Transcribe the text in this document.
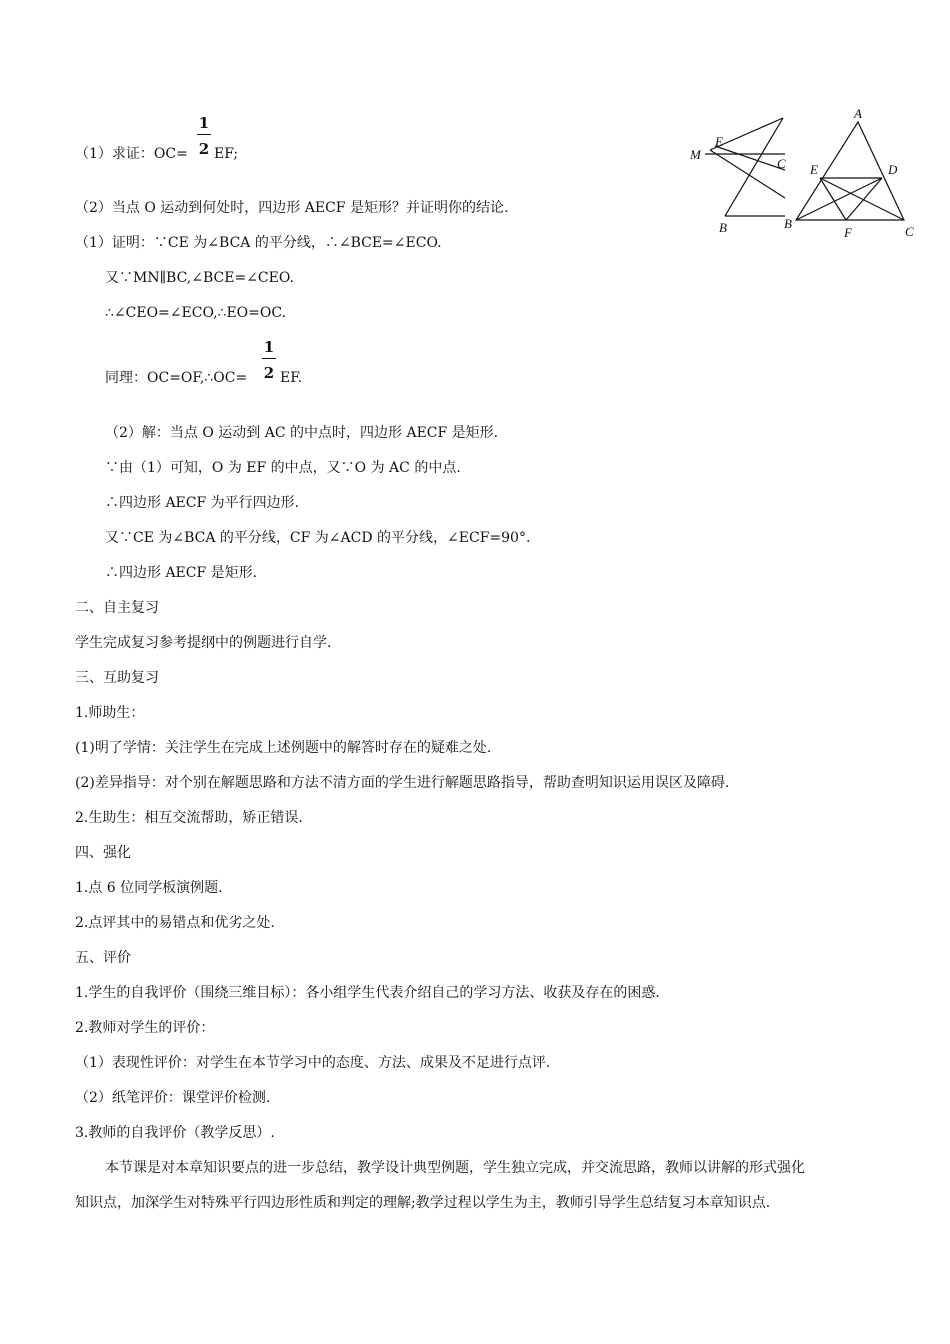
1
2
（1）求证：OC= EF;
（2）当点 O 运动到何处时，四边形 AECF 是矩形？并证明你的结论.
（1）证明：∵CE 为∠BCA 的平分线，∴∠BCE=∠ECO.
又∵MN∥BC,∠BCE=∠CEO.
∴∠CEO=∠ECO,∴EO=OC.
1
2
同理：OC=OF,∴OC= EF.
（2）解：当点 O 运动到 AC 的中点时，四边形 AECF 是矩形.
∵由（1）可知，O 为 EF 的中点，又∵O 为 AC 的中点.
∴四边形 AECF 为平行四边形.
又∵CE 为∠BCA 的平分线，CF 为∠ACD 的平分线，∠ECF=90°.
∴四边形 AECF 是矩形.
二、自主复习
学生完成复习参考提纲中的例题进行自学.
三、互助复习
1.师助生：
(1)明了学情：关注学生在完成上述例题中的解答时存在的疑难之处.
(2)差异指导：对个别在解题思路和方法不清方面的学生进行解题思路指导，帮助查明知识运用误区及障碍.
2.生助生：相互交流帮助，矫正错误.
四、强化
1.点 6 位同学板演例题.
2.点评其中的易错点和优劣之处.
五、评价
1.学生的自我评价（围绕三维目标）：各小组学生代表介绍自己的学习方法、收获及存在的困惑.
2.教师对学生的评价：
（1）表现性评价：对学生在本节学习中的态度、方法、成果及不足进行点评.
（2）纸笔评价：课堂评价检测.
3.教师的自我评价（教学反思）.
本节课是对本章知识要点的进一步总结，教学设计典型例题，学生独立完成，并交流思路，教师以讲解的形式强化
知识点，加深学生对特殊平行四边形性质和判定的理解;教学过程以学生为主，教师引导学生总结复习本章知识点.
M
E
B
C
A
E	D
B
F	C
